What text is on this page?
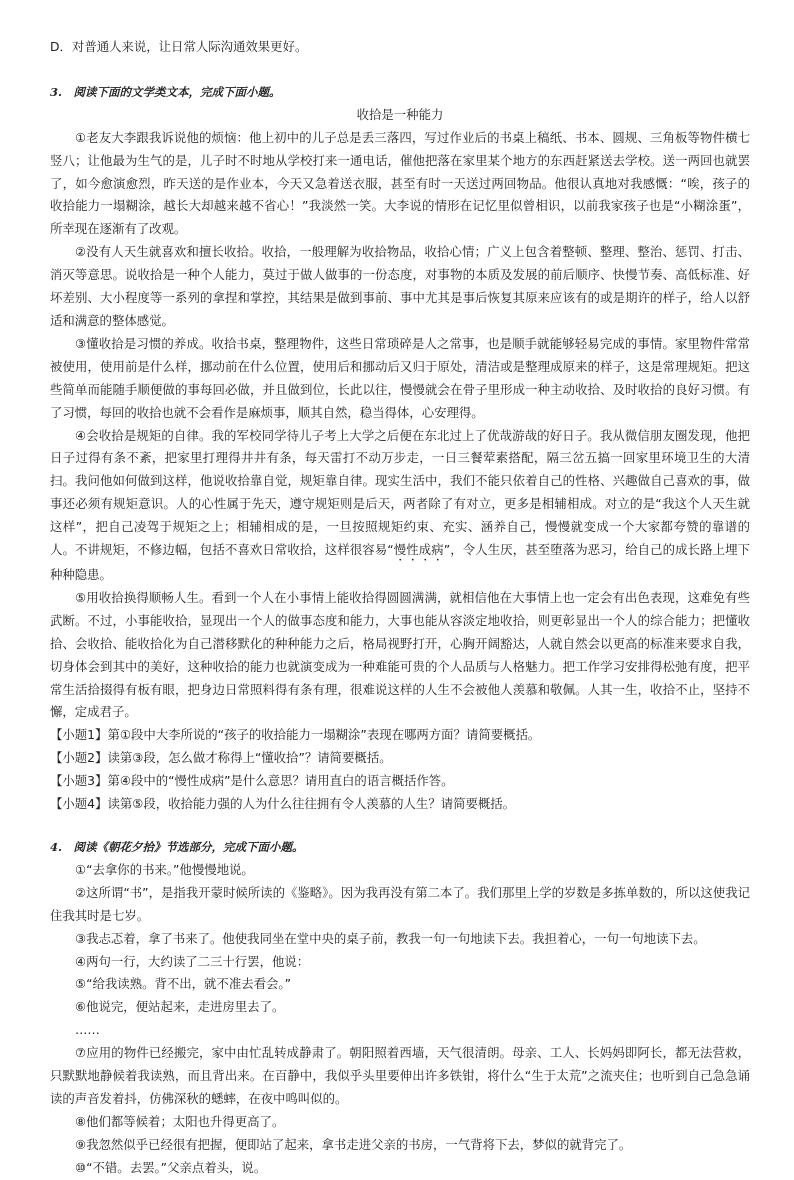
D．对普通人来说，让日常人际沟通效果更好。

3.　阅读下面的文学类文本，完成下面小题。

收拾是一种能力

①老友大李跟我诉说他的烦恼：他上初中的儿子总是丢三落四，写过作业后的书桌上稿纸、书本、圆规、三角板等物件横七竖八；让他最为生气的是，儿子时不时地从学校打来一通电话，催他把落在家里某个地方的东西赶紧送去学校。送一两回也就罢了，如今愈演愈烈，昨天送的是作业本，今天又急着送衣服，甚至有时一天送过两回物品。他很认真地对我感慨：“唉，孩子的收拾能力一塌糊涂，越长大却越来越不省心！”我淡然一笑。大李说的情形在记忆里似曾相识，以前我家孩子也是“小糊涂蛋”，所幸现在逐渐有了改观。

②没有人天生就喜欢和擅长收拾。收拾，一般理解为收拾物品，收拾心情；广义上包含着整顿、整理、整治、惩罚、打击、消灭等意思。说收拾是一种个人能力，莫过于做人做事的一份态度，对事物的本质及发展的前后顺序、快慢节奏、高低标准、好坏差别、大小程度等一系列的拿捏和掌控，其结果是做到事前、事中尤其是事后恢复其原来应该有的或是期许的样子，给人以舒适和满意的整体感觉。

③懂收拾是习惯的养成。收拾书桌，整理物件，这些日常琐碎是人之常事，也是顺手就能够轻易完成的事情。家里物件常常被使用，使用前是什么样，挪动前在什么位置，使用后和挪动后又归于原处，清洁或是整理成原来的样子，这是常理规矩。把这些简单而能随手顺便做的事每回必做，并且做到位，长此以往，慢慢就会在骨子里形成一种主动收拾、及时收拾的良好习惯。有了习惯，每回的收拾也就不会看作是麻烦事，顺其自然，稳当得体，心安理得。

④会收拾是规矩的自律。我的军校同学待儿子考上大学之后便在东北过上了优哉游哉的好日子。我从微信朋友圈发现，他把日子过得有条不紊，把家里打理得井井有条，每天雷打不动万步走，一日三餐荤素搭配，隔三岔五搞一回家里环境卫生的大清扫。我问他如何做到这样，他说收拾靠自觉，规矩靠自律。现实生活中，我们不能只依着自己的性格、兴趣做自己喜欢的事，做事还必须有规矩意识。人的心性属于先天，遵守规矩则是后天，两者除了有对立，更多是相辅相成。对立的是“我这个人天生就这样”，把自己凌驾于规矩之上；相辅相成的是，一旦按照规矩约束、充实、涵养自己，慢慢就变成一个大家都夸赞的靠谱的人。不讲规矩，不修边幅，包括不喜欢日常收拾，这样很容易“慢性成病”，令人生厌，甚至堕落为恶习，给自己的成长路上埋下种种隐患。

⑤用收拾换得顺畅人生。看到一个人在小事情上能收拾得圆圆满满，就相信他在大事情上也一定会有出色表现，这难免有些武断。不过，小事能收拾，显现出一个人的做事态度和能力，大事也能从容淡定地收拾，则更彰显出一个人的综合能力；把懂收拾、会收拾、能收拾化为自己潜移默化的种种能力之后，格局视野打开，心胸开阔豁达，人就自然会以更高的标准来要求自我，切身体会到其中的美好，这种收拾的能力也就演变成为一种难能可贵的个人品质与人格魅力。把工作学习安排得松弛有度，把平常生活拾掇得有板有眼，把身边日常照料得有条有理，很难说这样的人生不会被他人羡慕和敬佩。人其一生，收拾不止，坚持不懈，定成君子。

【小题1】第①段中大李所说的“孩子的收拾能力一塌糊涂”表现在哪两方面？请简要概括。

【小题2】读第③段，怎么做才称得上“懂收拾”？请简要概括。

【小题3】第④段中的“慢性成病”是什么意思？请用直白的语言概括作答。

【小题4】读第⑤段，收拾能力强的人为什么往往拥有令人羡慕的人生？请简要概括。

4.　阅读《朝花夕拾》节选部分，完成下面小题。

①“去拿你的书来。”他慢慢地说。

②这所谓“书”，是指我开蒙时候所读的《鉴略》。因为我再没有第二本了。我们那里上学的岁数是多拣单数的，所以这使我记住我其时是七岁。

③我忐忑着，拿了书来了。他使我同坐在堂中央的桌子前，教我一句一句地读下去。我担着心，一句一句地读下去。

④两句一行，大约读了二三十行罢，他说：

⑤“给我读熟。背不出，就不准去看会。”

⑥他说完，便站起来，走进房里去了。

……

⑦应用的物件已经搬完，家中由忙乱转成静肃了。朝阳照着西墙，天气很清朗。母亲、工人、长妈妈即阿长，都无法营救，只默默地静候着我读熟，而且背出来。在百静中，我似乎头里要伸出许多铁钳，将什么“生于太荒”之流夹住；也听到自己急急诵读的声音发着抖，仿佛深秋的蟋蟀，在夜中鸣叫似的。

⑧他们都等候着；太阳也升得更高了。

⑨我忽然似乎已经很有把握，便即站了起来，拿书走进父亲的书房，一气背将下去，梦似的就背完了。

⑩“不错。去罢。”父亲点着头，说。
